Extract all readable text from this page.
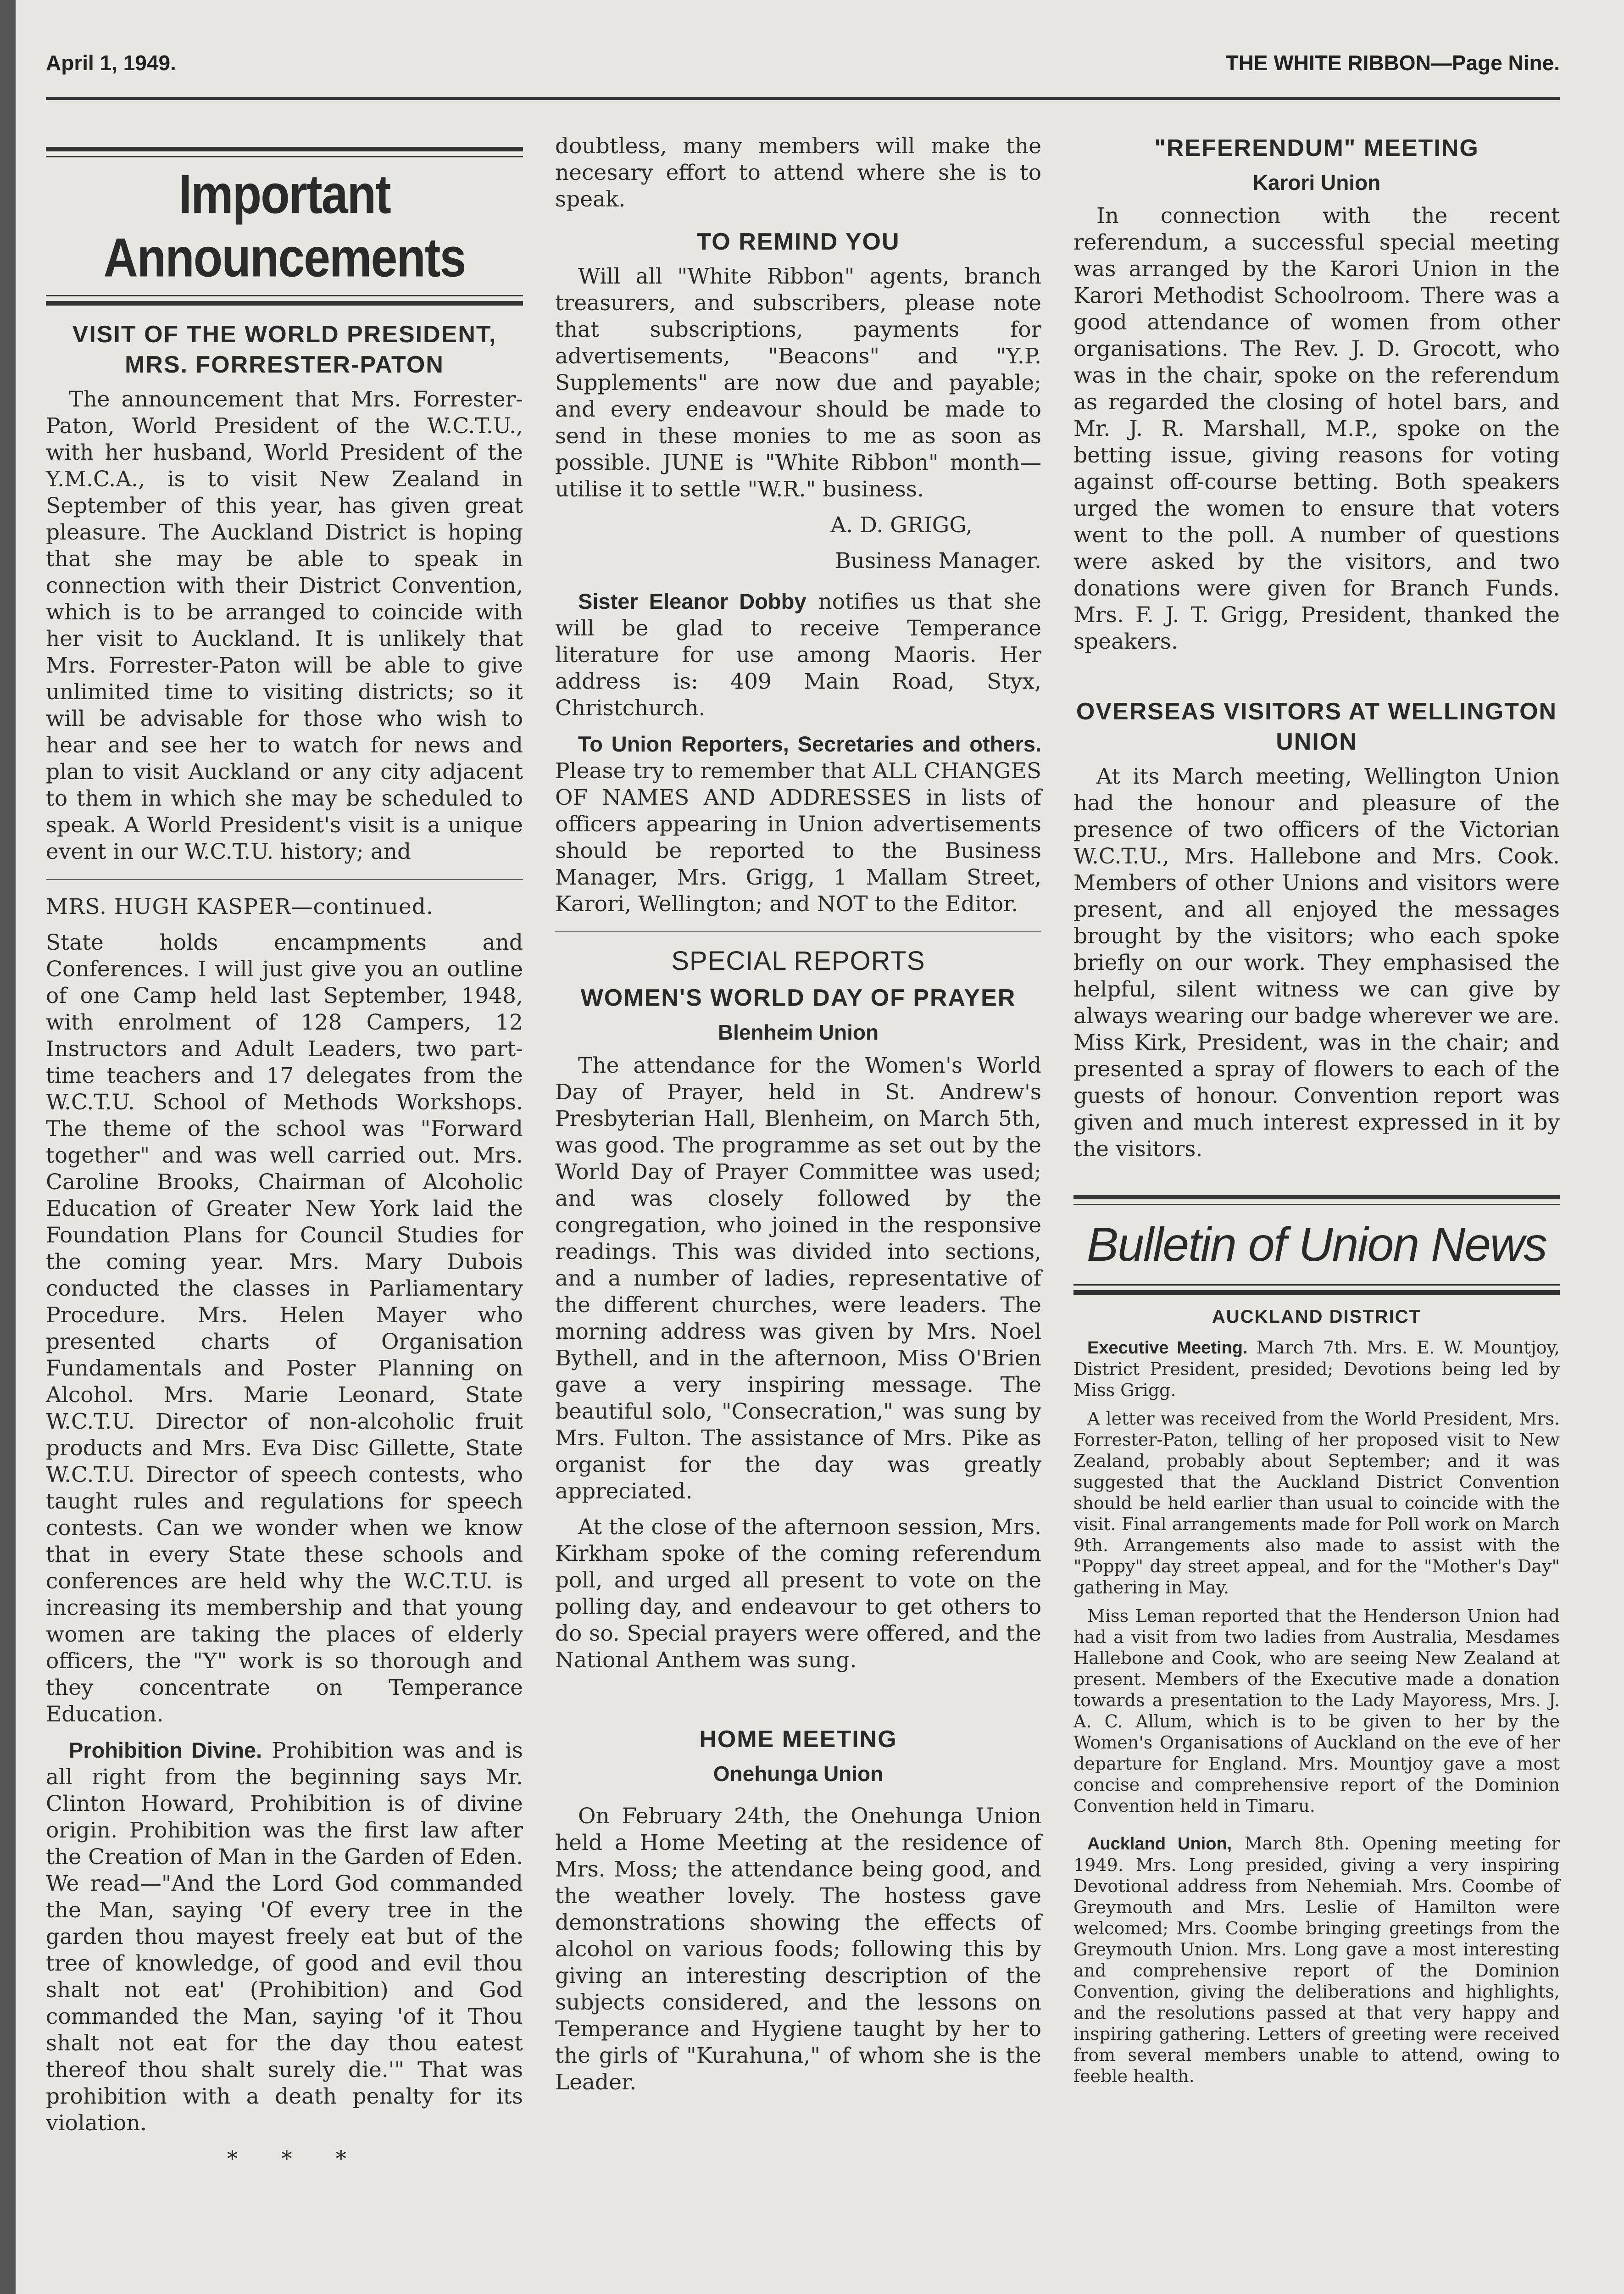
April 1, 1949.	THE WHITE RIBBON—Page Nine.
Important Announcements
VISIT OF THE WORLD PRESIDENT, MRS. FORRESTER-PATON

The announcement that Mrs. Forrester-Paton, World President of the W.C.T.U., with her husband, World President of the Y.M.C.A., is to visit New Zealand in September of this year, has given great pleasure. The Auckland District is hoping that she may be able to speak in connection with their District Convention, which is to be arranged to coincide with her visit to Auckland. It is unlikely that Mrs. Forrester-Paton will be able to give unlimited time to visiting districts; so it will be advisable for those who wish to hear and see her to watch for news and plan to visit Auckland or any city adjacent to them in which she may be scheduled to speak. A World President's visit is a unique event in our W.C.T.U. history; and

MRS. HUGH KASPER—continued.

State holds encampments and Conferences. I will just give you an outline of one Camp held last September, 1948, with enrolment of 128 Campers, 12 Instructors and Adult Leaders, two part-time teachers and 17 delegates from the W.C.T.U. School of Methods Workshops. The theme of the school was "Forward together" and was well carried out. Mrs. Caroline Brooks, Chairman of Alcoholic Education of Greater New York laid the Foundation Plans for Council Studies for the coming year. Mrs. Mary Dubois conducted the classes in Parliamentary Procedure. Mrs. Helen Mayer who presented charts of Organisation Fundamentals and Poster Planning on Alcohol. Mrs. Marie Leonard, State W.C.T.U. Director of non-alcoholic fruit products and Mrs. Eva Disc Gillette, State W.C.T.U. Director of speech contests, who taught rules and regulations for speech contests. Can we wonder when we know that in every State these schools and conferences are held why the W.C.T.U. is increasing its membership and that young women are taking the places of elderly officers, the "Y" work is so thorough and they concentrate on Temperance Education.

Prohibition Divine. Prohibition was and is all right from the beginning says Mr. Clinton Howard, Prohibition is of divine origin. Prohibition was the first law after the Creation of Man in the Garden of Eden. We read—"And the Lord God commanded the Man, saying 'Of every tree in the garden thou mayest freely eat but of the tree of knowledge, of good and evil thou shalt not eat' (Prohibition) and God commanded the Man, saying 'of it Thou shalt not eat for the day thou eatest thereof thou shalt surely die.'" That was prohibition with a death penalty for its violation.

* * *

doubtless, many members will make the necesary effort to attend where she is to speak.

TO REMIND YOU

Will all "White Ribbon" agents, branch treasurers, and subscribers, please note that subscriptions, payments for advertisements, "Beacons" and "Y.P. Supplements" are now due and payable; and every endeavour should be made to send in these monies to me as soon as possible. JUNE is "White Ribbon" month—utilise it to settle "W.R." business.

A. D. GRIGG,

Business Manager.

Sister Eleanor Dobby notifies us that she will be glad to receive Temperance literature for use among Maoris. Her address is: 409 Main Road, Styx, Christchurch.

To Union Reporters, Secretaries and others. Please try to remember that ALL CHANGES OF NAMES AND ADDRESSES in lists of officers appearing in Union advertisements should be reported to the Business Manager, Mrs. Grigg, 1 Mallam Street, Karori, Wellington; and NOT to the Editor.

SPECIAL REPORTS
WOMEN'S WORLD DAY OF PRAYER
Blenheim Union

The attendance for the Women's World Day of Prayer, held in St. Andrew's Presbyterian Hall, Blenheim, on March 5th, was good. The programme as set out by the World Day of Prayer Committee was used; and was closely followed by the congregation, who joined in the responsive readings. This was divided into sections, and a number of ladies, representative of the different churches, were leaders. The morning address was given by Mrs. Noel Bythell, and in the afternoon, Miss O'Brien gave a very inspiring message. The beautiful solo, "Consecration," was sung by Mrs. Fulton. The assistance of Mrs. Pike as organist for the day was greatly appreciated.

At the close of the afternoon session, Mrs. Kirkham spoke of the coming referendum poll, and urged all present to vote on the polling day, and endeavour to get others to do so. Special prayers were offered, and the National Anthem was sung.

HOME MEETING
Onehunga Union

On February 24th, the Onehunga Union held a Home Meeting at the residence of Mrs. Moss; the attendance being good, and the weather lovely. The hostess gave demonstrations showing the effects of alcohol on various foods; following this by giving an interesting description of the subjects considered, and the lessons on Temperance and Hygiene taught by her to the girls of "Kurahuna," of whom she is the Leader.

"REFERENDUM" MEETING
Karori Union

In connection with the recent referendum, a successful special meeting was arranged by the Karori Union in the Karori Methodist Schoolroom. There was a good attendance of women from other organisations. The Rev. J. D. Grocott, who was in the chair, spoke on the referendum as regarded the closing of hotel bars, and Mr. J. R. Marshall, M.P., spoke on the betting issue, giving reasons for voting against off-course betting. Both speakers urged the women to ensure that voters went to the poll. A number of questions were asked by the visitors, and two donations were given for Branch Funds. Mrs. F. J. T. Grigg, President, thanked the speakers.

OVERSEAS VISITORS AT WELLINGTON UNION

At its March meeting, Wellington Union had the honour and pleasure of the presence of two officers of the Victorian W.C.T.U., Mrs. Hallebone and Mrs. Cook. Members of other Unions and visitors were present, and all enjoyed the messages brought by the visitors; who each spoke briefly on our work. They emphasised the helpful, silent witness we can give by always wearing our badge wherever we are. Miss Kirk, President, was in the chair; and presented a spray of flowers to each of the guests of honour. Convention report was given and much interest expressed in it by the visitors.

Bulletin of Union News
AUCKLAND DISTRICT

Executive Meeting. March 7th. Mrs. E. W. Mountjoy, District President, presided; Devotions being led by Miss Grigg.

A letter was received from the World President, Mrs. Forrester-Paton, telling of her proposed visit to New Zealand, probably about September; and it was suggested that the Auckland District Convention should be held earlier than usual to coincide with the visit. Final arrangements made for Poll work on March 9th. Arrangements also made to assist with the "Poppy" day street appeal, and for the "Mother's Day" gathering in May.

Miss Leman reported that the Henderson Union had had a visit from two ladies from Australia, Mesdames Hallebone and Cook, who are seeing New Zealand at present. Members of the Executive made a donation towards a presentation to the Lady Mayoress, Mrs. J. A. C. Allum, which is to be given to her by the Women's Organisations of Auckland on the eve of her departure for England. Mrs. Mountjoy gave a most concise and comprehensive report of the Dominion Convention held in Timaru.

Auckland Union, March 8th. Opening meeting for 1949. Mrs. Long presided, giving a very inspiring Devotional address from Nehemiah. Mrs. Coombe of Greymouth and Mrs. Leslie of Hamilton were welcomed; Mrs. Coombe bringing greetings from the Greymouth Union. Mrs. Long gave a most interesting and comprehensive report of the Dominion Convention, giving the deliberations and highlights, and the resolutions passed at that very happy and inspiring gathering. Letters of greeting were received from several members unable to attend, owing to feeble health.
